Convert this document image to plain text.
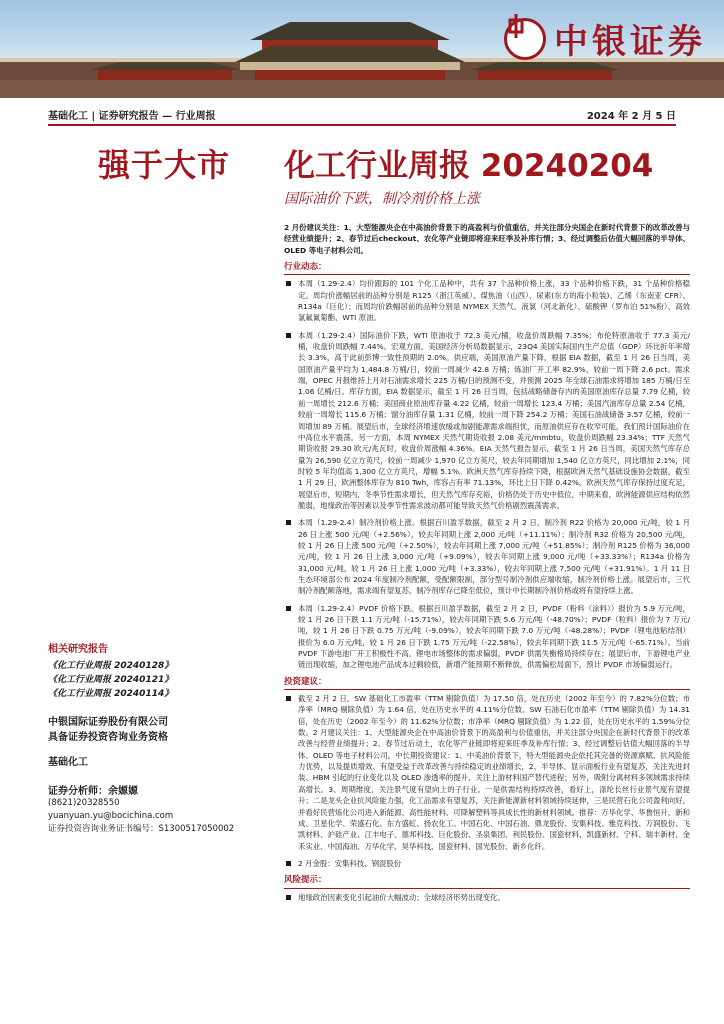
中银证券
基础化工 | 证券研究报告 — 行业周报	2024 年 2 月 5 日
强于大市 化工行业周报 20240204
国际油价下跌，制冷剂价格上涨
相关研究报告
《化工行业周报 20240128》
《化工行业周报 20240121》
《化工行业周报 20240114》
中银国际证券股份有限公司
具备证券投资咨询业务资格
基础化工
证券分析师：余嫄嫄
(8621)20328550
yuanyuan.yu@bocichina.com
证券投资咨询业务证书编号：S1300517050002

2 月份建议关注：1、大型能源央企在中高油价背景下的高盈利与价值重估，并关注部分央国企在新时代背景下的改革改善与经营业绩提升；2、春节过后checkout、农化等产业链即将迎来旺季及补库行情；3、经过调整后估值大幅回落的半导体、OLED 等电子材料公司。

行业动态：

本周（1.29-2.4）均价跟踪的 101 个化工品种中，共有 37 个品种价格上涨，33 个品种价格下跌，31 个品种价格稳定。周均价涨幅居前的品种分别是 R125（浙江英威）、煤焦油（山西）、尿素(东方的海小粒装)、乙烯（东南亚 CFR）、R134a（巨化）；而周均价跌幅居前的品种分别是 NYMEX 天然气、液氯（河北新化）、硫酸钾（罗布泊 51%粉）、高效氯氟氰菊酯、WTI 原油。

本周（1.29-2.4）国际油价下跌，WTI 原油收于 72.3 美元/桶，收盘价周跌幅 7.35%；布伦特原油收于 77.3 美元/桶，收盘价周跌幅 7.44%。宏观方面，美国经济分析局数据显示，23Q4 美国实际国内生产总值（GDP）环比折年率增长 3.3%，高于此前彭博一致性预期的 2.0%。供应端，美国原油产量下降，根据 EIA 数据，截至 1 月 26 日当周，美国原油产量平均为 1,484.8 万桶/日，较前一周减少 42.8 万桶；炼油厂开工率 82.9%，较前一周下降 2.6 pct。需求端，OPEC 月报维持上月对石油需求增长 225 万桶/日的预测不变，并预测 2025 年全球石油需求将增加 185 万桶/日至 1.06 亿桶/日。库存方面，EIA 数据显示，截至 1 月 26 日当周，包括战略储备存内的美国原油库存总量 7.79 亿桶，较前一周增长 212.6 万桶；美国商业原油库存量 4.22 亿桶，较前一周增长 123.4 万桶；美国汽油库存总量 2.54 亿桶，较前一周增长 115.6 万桶；馏分油库存量 1.31 亿桶，较前一周下降 254.2 万桶；美国石油战储备 3.57 亿桶，较前一周增加 89 万桶。展望后市，全球经济增速放缓或加剧能源需求端担忧，而原油供应存在收窄可能，我们预计国际油价在中高位水平震荡。另一方面，本周 NYMEX 天然气期货收报 2.08 美元/mmbtu，收盘价周跌幅 23.34%；TTF 天然气期货收报 29.30 欧元/兆瓦时，收盘价周涨幅 4.36%。EIA 天然气报告显示，截至 1 月 26 日当周，美国天然气库存总量为 26,590 亿立方英尺，较前一周减少 1,970 亿立方英尺，较去年同期增加 1,540 亿立方英尺，同比增加 2.1%，同时较 5 年均值高 1,300 亿立方英尺，增幅 5.1%。欧洲天然气库存持续下降，根据欧洲天然气基础设施协会数据，截至 1 月 29 日，欧洲整体库存为 810 Twh，库容占有率 71.13%，环比上日下降 0.42%。欧洲天然气库存保持过度充足，展望后市，短期内，冬季节性需求增长，但天然气库存充裕，价格仍处于历史中低位，中期来看，欧洲能源供应结构依然脆弱，地缘政治等因素以及季节性需求波动都可能导致天然气价格剧烈震荡需求。

本周（1.29-2.4）制冷剂价格上涨。根据百川盈孚数据，截至 2 月 2 日，制冷剂 R22 价格为 20,000 元/吨，较 1 月 26 日上涨 500 元/吨（+2.56%），较去年同期上涨 2,000 元/吨（+11.11%）；制冷剂 R32 价格为 20,500 元/吨，较 1 月 26 日上涨 500 元/吨（+2.50%），较去年同期上涨 7,000 元/吨（+51.85%）；制冷剂 R125 价格为 36,000 元/吨，较 1 月 26 日上涨 3,000 元/吨（+9.09%），较去年同期上涨 9,000 元/吨（+33.33%）；R134a 价格为 31,000 元/吨，较 1 月 26 日上涨 1,000 元/吨（+3.33%），较去年同期上涨 7,500 元/吨（+31.91%）。1 月 11 日生态环境部公布 2024 年度制冷剂配额，受配额限制，部分型号制冷剂供应端收缩，制冷剂价格上涨。展望后市，三代制冷剂配额落地，需求端有望复苏，制冷剂库存已降至低位，预计中长期制冷剂价格或将有望持续上涨。

本周（1.29-2.4）PVDF 价格下跌。根据百川盈孚数据，截至 2 月 2 日，PVDF（粉料（涂料））报价为 5.9 万元/吨，较 1 月 26 日下跌 1.1 万元/吨（-15.71%），较去年同期下跌 5.6 万元/吨（-48.70%）；PVDF（粒料）报价为 7 万元/吨，较 1 月 26 日下跌 0.75 万元/吨（-9.09%），较去年同期下跌 7.0 万元/吨（-48.28%）；PVDF（锂电池粘结剂）报价为 6.0 万元/吨，较 1 月 26 日下跌 1.75 万元/吨（-22.58%），较去年同期下跌 11.5 万元/吨（-65.71%）。当前 PVDF 下游电池厂开工积极性不高，锂电市场整体的需求偏弱，PVDF 供需失衡格局持续存在；展望后市，下游锂电产业链出现收缩，加之锂电池产品成本过剩较低，新增产能预期不断释放，供需偏松局面下，预计 PVDF 市场偏弱运行。

投资建议：

截至 2 月 2 日，SW 基础化工市盈率（TTM 剔除负值）为 17.50 倍，处在历史（2002 年至今）的 7.82%分位数；市净率（MRQ 剔除负值）为 1.64 倍，处在历史水平的 4.11%分位数。SW 石油石化市盈率（TTM 剔除负值）为 14.31 倍，处在历史（2002 年至今）的 11.62%分位数；市净率（MRQ 剔除负值）为 1.22 倍，处在历史水平的 1.59%分位数。2 月建议关注：1、大型能源央企在中高油价背景下的高盈利与价值重估，并关注部分央国企在新时代背景下的改革改善与经营业绩提升；2、春节过后动土，农化等产业链即将迎来旺季及补库行情；3、经过调整后估值大幅回落的半导体、OLED 等电子材料公司。中长期投资建议：1、中美油价背景下，特大型能源央企依托其完备的资源禀赋、抗风险能力优势，以及提质增效、有望受益于改革改善与持续稳定的业绩增长，2、半导体、显示面板行业有望复苏，关注先进封装、HBM 引起的行业变化以及 OLED 渗透率的提升，关注上游材料国产替代进程；另外，吸附分离材料多领域需求持续高增长。3、周期维度，关注景气度有望向上的子行业。一是供需结构持续改善，看好上，涤纶长丝行业景气度有望提升；二是龙头企业抗风险能力强，化工品需求有望复苏，关注新能源新材料领域持续延伸，三是民营石化公司盈利向好，并看好民营炼化公司进入新能源、高性能材料、可降解塑料等具成长性的新材料领域。推荐：万华化学、华鲁恒升、新和成、卫星化学、荣盛石化、东方盛虹、扬农化工、中国石化、中国石油、鼎龙股份、安集科技、雅克科技、万润股份、飞凯材料、沪硅产业、江丰电子、德邦科技、巨化股份、圣泉集团、利民股份、国瓷材料、凯盛新材、宁科、瑞丰新材、金禾实业、中国海油、万华化学、昊华科技、国瓷材料、国光股份、新乡化纤。

2 月金股：安集科技、钢混股份

风险提示：

地缘政治因素变化引起油价大幅波动；全球经济形势出现变化。
